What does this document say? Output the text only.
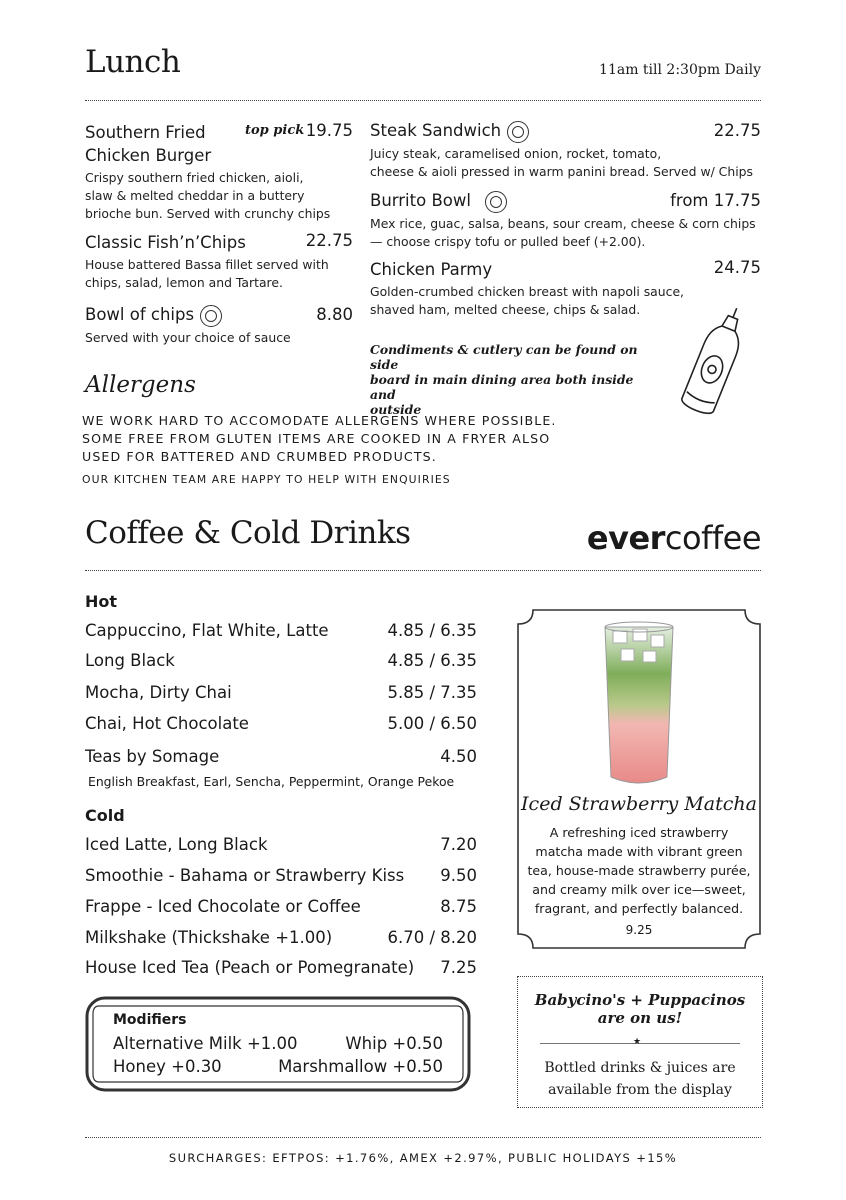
Lunch	11am till 2:30pm Daily
Southern Fried
Chicken Burger
top pick 19.75
Crispy southern fried chicken, aioli,
slaw & melted cheddar in a buttery
brioche bun. Served with crunchy chips
Classic Fish’n’Chips	22.75
House battered Bassa fillet served with
chips, salad, lemon and Tartare.
Bowl of chips	8.80
Served with your choice of sauce
Steak Sandwich	22.75
Juicy steak, caramelised onion, rocket, tomato,
cheese & aioli pressed in warm panini bread. Served w/ Chips
Burrito Bowl	from 17.75
Mex rice, guac, salsa, beans, sour cream, cheese & corn chips
— choose crispy tofu or pulled beef (+2.00).
Chicken Parmy	24.75
Golden-crumbed chicken breast with napoli sauce,
shaved ham, melted cheese, chips & salad.
Condiments & cutlery can be found on side
board in main dining area both inside and
outside
Allergens
WE WORK HARD TO ACCOMODATE ALLERGENS WHERE POSSIBLE.
SOME FREE FROM GLUTEN ITEMS ARE COOKED IN A FRYER ALSO
USED FOR BATTERED AND CRUMBED PRODUCTS.
OUR KITCHEN TEAM ARE HAPPY TO HELP WITH ENQUIRIES
Coffee & Cold Drinks	evercoffee
Hot
Cappuccino, Flat White, Latte	4.85 / 6.35
Long Black	4.85 / 6.35
Mocha, Dirty Chai	5.85 / 7.35
Chai, Hot Chocolate	5.00 / 6.50
Teas by Somage	4.50
English Breakfast, Earl, Sencha, Peppermint, Orange Pekoe
Cold
Iced Latte, Long Black	7.20
Smoothie - Bahama or Strawberry Kiss 9.50
Frappe - Iced Chocolate or Coffee	8.75
Milkshake (Thickshake +1.00)	6.70 / 8.20
House Iced Tea (Peach or Pomegranate) 7.25
Modifiers
Alternative Milk +1.00	Whip +0.50
Honey +0.30	Marshmallow +0.50
Iced Strawberry Matcha
A refreshing iced strawberry
matcha made with vibrant green
tea, house-made strawberry purée,
and creamy milk over ice—sweet,
fragrant, and perfectly balanced.
9.25
Babycino's + Puppacinos
are on us!
★
Bottled drinks & juices are
available from the display
SURCHARGES: EFTPOS: +1.76%, AMEX +2.97%, PUBLIC HOLIDAYS +15%
